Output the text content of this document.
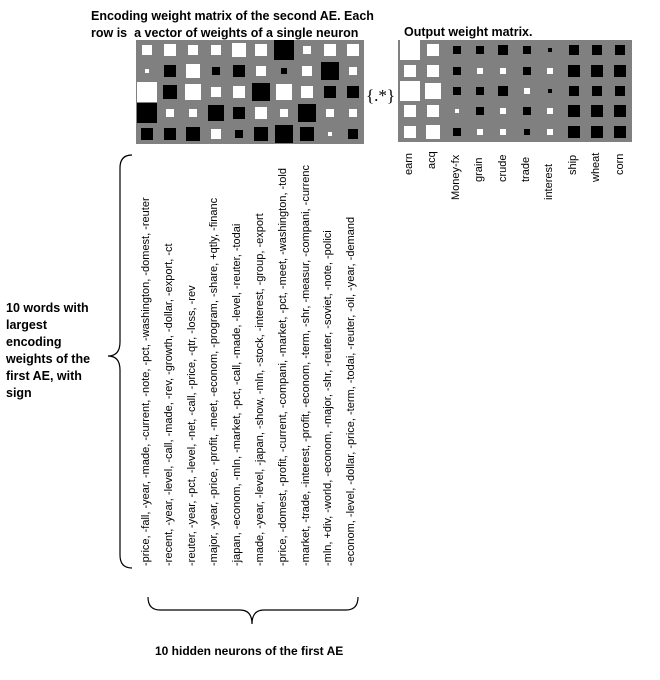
Encoding weight matrix of the second AE. Each
row is  a vector of weights of a single neuron	Output weight matrix.
{.*}
-price, -fall, -year, -made, -current, -note, -pct, -washington, -domest, -reuter -recent, -year, -level, -call, -made, -rev, -growth, -dollar, -export, -ct -reuter, -year, -pct, -level, -net, -call, -price, -qtr, -loss, -rev -major, -year, -price, -profit, -meet, -econom, -program, -share, +qtly, -financ -japan, -econom, -mln, -market, -pct, -call, -made, -level, -reuter, -todai -made, -year, -level, -japan, -show, -mln, -stock, -interest, -group, -export -price, -domest, -profit, -current, -compani, -market, -pct, -meet, -washington, -told -market, -trade, -interest, -profit, -econom, -term, -shr, -measur, -compani, -currenc -mln, +div, -world, -econom, -major, -shr, -reuter, -soviet, -note, -polici -econom, -level, -dollar, -price, -term, -todai, -reuter, -oil, -year, -demand
earn acq Money-fx grain crude trade interest ship wheat corn
10 words with largest encoding weights of the first AE, with sign
10 hidden neurons of the first AE
